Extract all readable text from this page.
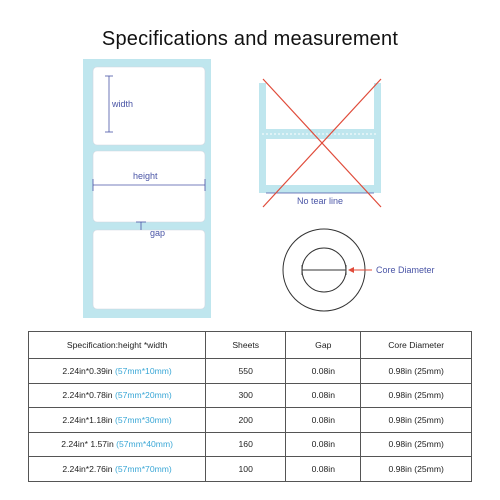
Specifications and measurement
width
height
gap
No tear line
Core Diameter
Specification:height *width	Sheets	Gap	Core Diameter
2.24in*0.39in (57mm*10mm)	550	0.08in	0.98in (25mm)
2.24in*0.78in (57mm*20mm)	300	0.08in	0.98in (25mm)
2.24in*1.18in (57mm*30mm)	200	0.08in	0.98in (25mm)
2.24in* 1.57in (57mm*40mm)	160	0.08in	0.98in (25mm)
2.24in*2.76in (57mm*70mm)	100	0.08in	0.98in (25mm)
